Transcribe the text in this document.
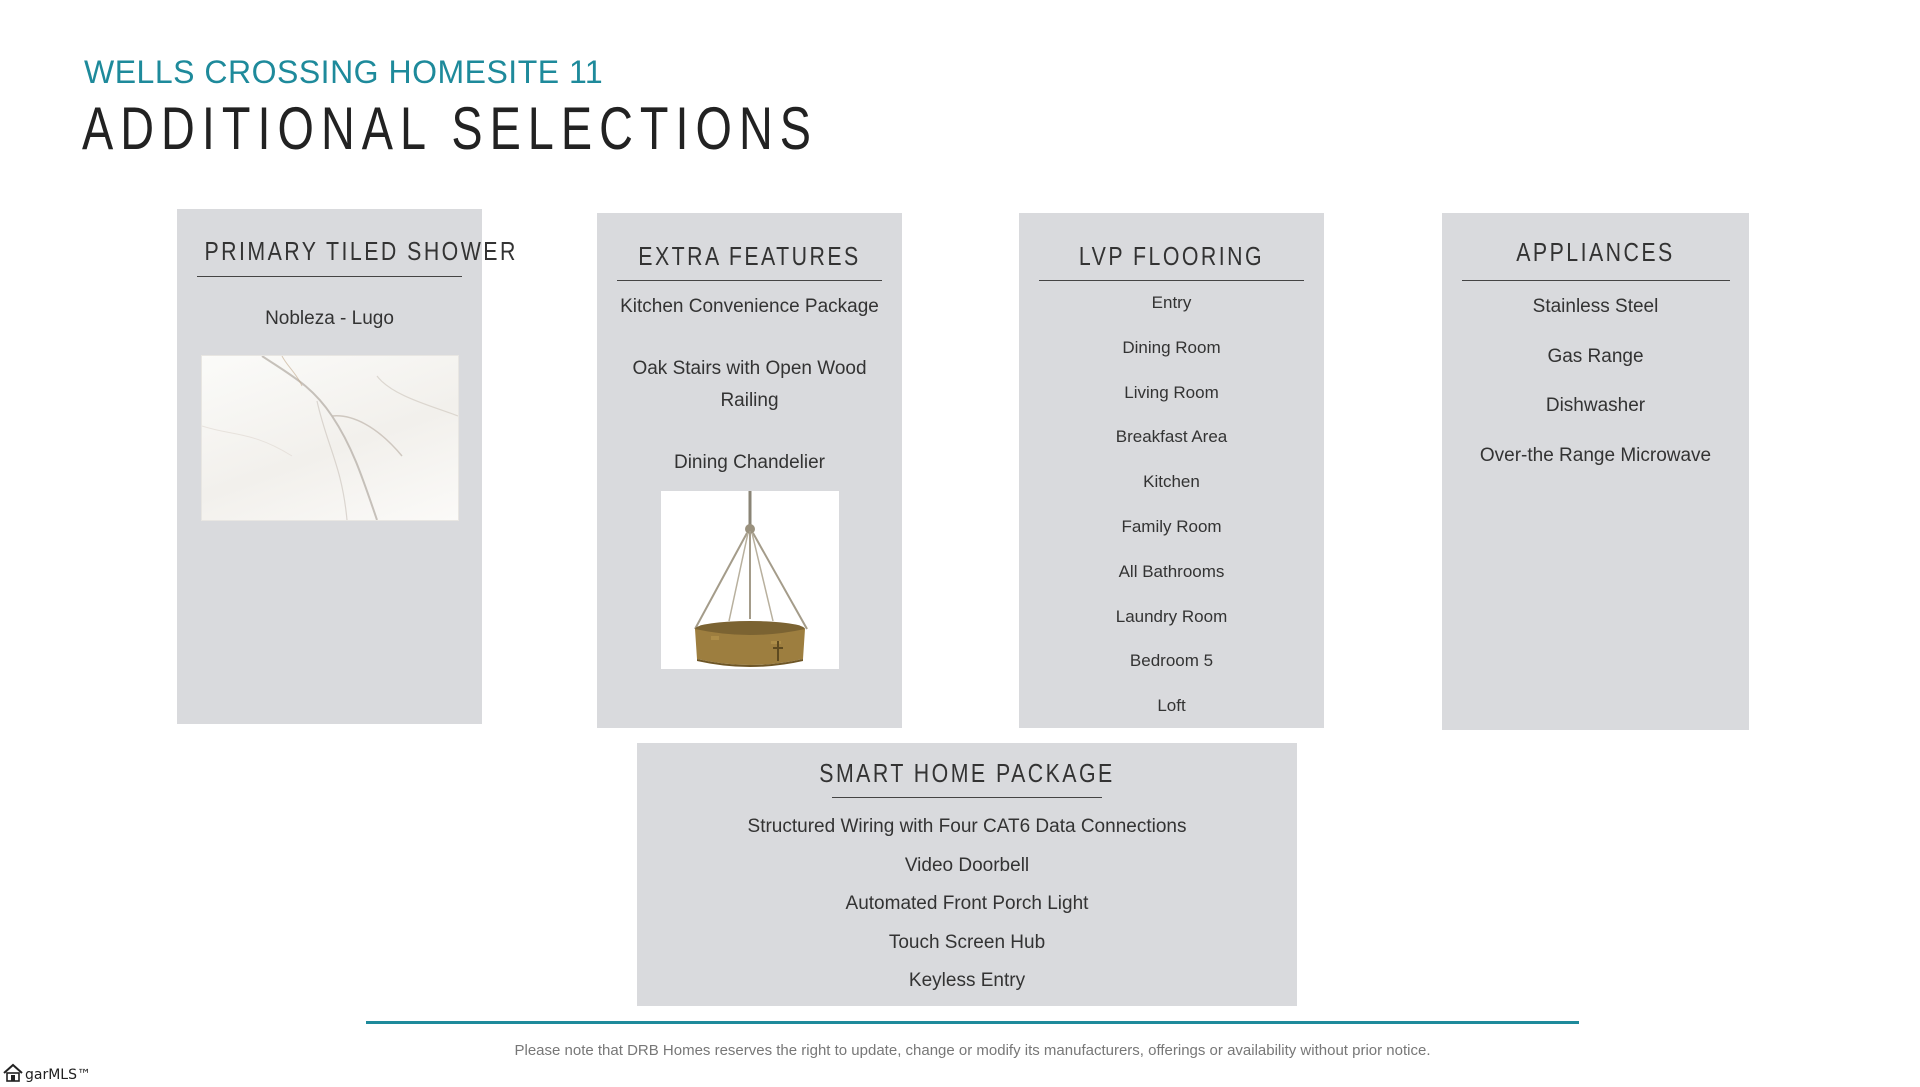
WELLS CROSSING HOMESITE 11
ADDITIONAL SELECTIONS
PRIMARY TILED SHOWER
Nobleza - Lugo
EXTRA FEATURES
Kitchen Convenience Package
Oak Stairs with Open Wood Railing
Dining Chandelier
LVP FLOORING
Entry
Dining Room
Living Room
Breakfast Area
Kitchen
Family Room
All Bathrooms
Laundry Room
Bedroom 5
Loft
APPLIANCES
Stainless Steel
Gas Range
Dishwasher
Over-the Range Microwave
SMART HOME PACKAGE
Structured Wiring with Four CAT6 Data Connections
Video Doorbell
Automated Front Porch Light
Touch Screen Hub
Keyless Entry

Please note that DRB Homes reserves the right to update, change or modify its manufacturers, offerings or availability without prior notice.

garMLS™
